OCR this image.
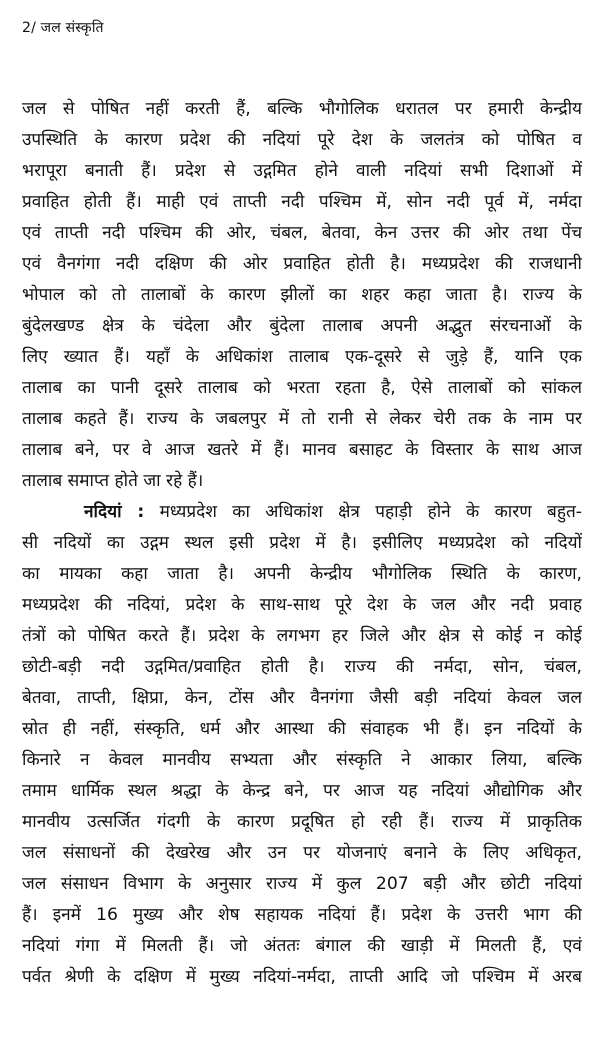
2/ जल संस्कृति
जल से पोषित नहीं करती हैं, बल्कि भौगोलिक धरातल पर हमारी केन्द्रीय
उपस्थिति के कारण प्रदेश की नदियां पूरे देश के जलतंत्र को पोषित व
भरापूरा बनाती हैं। प्रदेश से उद्गमित होने वाली नदियां सभी दिशाओं में
प्रवाहित होती हैं। माही एवं ताप्ती नदी पश्चिम में, सोन नदी पूर्व में, नर्मदा
एवं ताप्ती नदी पश्चिम की ओर, चंबल, बेतवा, केन उत्तर की ओर तथा पेंच
एवं वैनगंगा नदी दक्षिण की ओर प्रवाहित होती है। मध्यप्रदेश की राजधानी
भोपाल को तो तालाबों के कारण झीलों का शहर कहा जाता है। राज्य के
बुंदेलखण्ड क्षेत्र के चंदेला और बुंदेला तालाब अपनी अद्भुत संरचनाओं के
लिए ख्यात हैं। यहाँ के अधिकांश तालाब एक-दूसरे से जुड़े हैं, यानि एक
तालाब का पानी दूसरे तालाब को भरता रहता है, ऐसे तालाबों को सांकल
तालाब कहते हैं। राज्य के जबलपुर में तो रानी से लेकर चेरी तक के नाम पर
तालाब बने, पर वे आज खतरे में हैं। मानव बसाहट के विस्तार के साथ आज
तालाब समाप्त होते जा रहे हैं।
नदियां : मध्यप्रदेश का अधिकांश क्षेत्र पहाड़ी होने के कारण बहुत-
सी नदियों का उद्गम स्थल इसी प्रदेश में है। इसीलिए मध्यप्रदेश को नदियों
का मायका कहा जाता है। अपनी केन्द्रीय भौगोलिक स्थिति के कारण,
मध्यप्रदेश की नदियां, प्रदेश के साथ-साथ पूरे देश के जल और नदी प्रवाह
तंत्रों को पोषित करते हैं। प्रदेश के लगभग हर जिले और क्षेत्र से कोई न कोई
छोटी-बड़ी नदी उद्गमित/प्रवाहित होती है। राज्य की नर्मदा, सोन, चंबल,
बेतवा, ताप्ती, क्षिप्रा, केन, टोंस और वैनगंगा जैसी बड़ी नदियां केवल जल
स्रोत ही नहीं, संस्कृति, धर्म और आस्था की संवाहक भी हैं। इन नदियों के
किनारे न केवल मानवीय सभ्यता और संस्कृति ने आकार लिया, बल्कि
तमाम धार्मिक स्थल श्रद्धा के केन्द्र बने, पर आज यह नदियां औद्योगिक और
मानवीय उत्सर्जित गंदगी के कारण प्रदूषित हो रही हैं। राज्य में प्राकृतिक
जल संसाधनों की देखरेख और उन पर योजनाएं बनाने के लिए अधिकृत,
जल संसाधन विभाग के अनुसार राज्य में कुल 207 बड़ी और छोटी नदियां
हैं। इनमें 16 मुख्य और शेष सहायक नदियां हैं। प्रदेश के उत्तरी भाग की
नदियां गंगा में मिलती हैं। जो अंततः बंगाल की खाड़ी में मिलती हैं, एवं
पर्वत श्रेणी के दक्षिण में मुख्य नदियां-नर्मदा, ताप्ती आदि जो पश्चिम में अरब
